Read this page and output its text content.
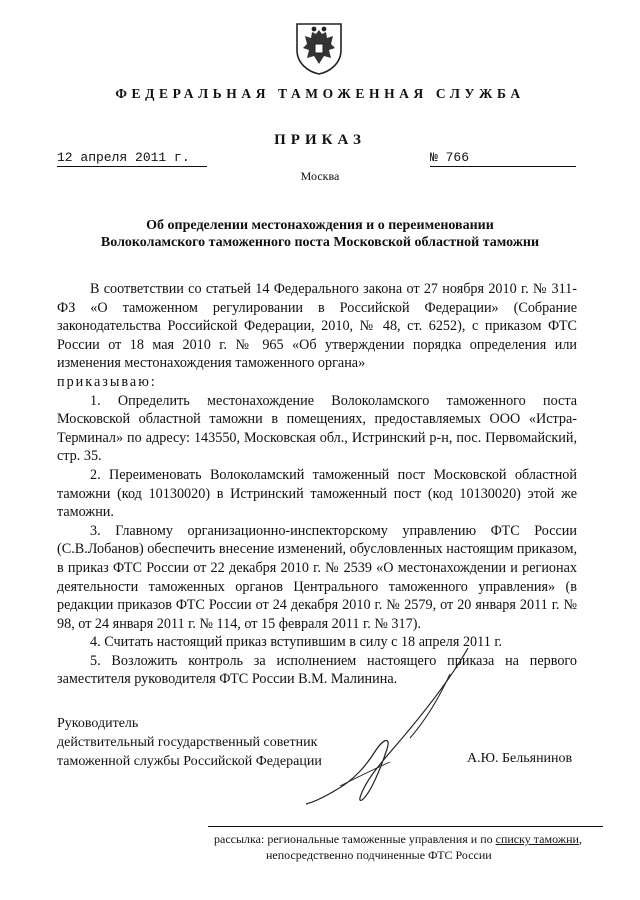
ФЕДЕРАЛЬНАЯ ТАМОЖЕННАЯ СЛУЖБА
ПРИКАЗ
12 апреля 2011 г.	№ 766
Москва
Об определении местонахождения и о переименовании
Волоколамского таможенного поста Московской областной таможни

В соответствии со статьей 14 Федерального закона от 27 ноября 2010 г. № 311-ФЗ «О таможенном регулировании в Российской Федерации» (Собрание законодательства Российской Федерации, 2010, № 48, ст. 6252), с приказом ФТС России от 18 мая 2010 г. № 965 «Об утверждении порядка определения или изменения местонахождения таможенного органа»

приказываю:

1. Определить местонахождение Волоколамского таможенного поста Московской областной таможни в помещениях, предоставляемых ООО «Истра-Терминал» по адресу: 143550, Московская обл., Истринский р-н, пос. Первомайский, стр. 35.

2. Переименовать Волоколамский таможенный пост Московской областной таможни (код 10130020) в Истринский таможенный пост (код 10130020) этой же таможни.

3. Главному организационно-инспекторскому управлению ФТС России (С.В.Лобанов) обеспечить внесение изменений, обусловленных настоящим приказом, в приказ ФТС России от 22 декабря 2010 г. № 2539 «О местонахождении и регионах деятельности таможенных органов Центрального таможенного управления» (в редакции приказов ФТС России от 24 декабря 2010 г. № 2579, от 20 января 2011 г. № 98, от 24 января 2011 г. № 114, от 15 февраля 2011 г. № 317).

4. Считать настоящий приказ вступившим в силу с 18 апреля 2011 г.

5. Возложить контроль за исполнением настоящего приказа на первого заместителя руководителя ФТС России В.М. Малинина.

Руководитель
действительный государственный советник
таможенной службы Российской Федерации	А.Ю. Бельянинов
рассылка: региональные таможенные управления и по списку таможни,
непосредственно подчиненные ФТС России
